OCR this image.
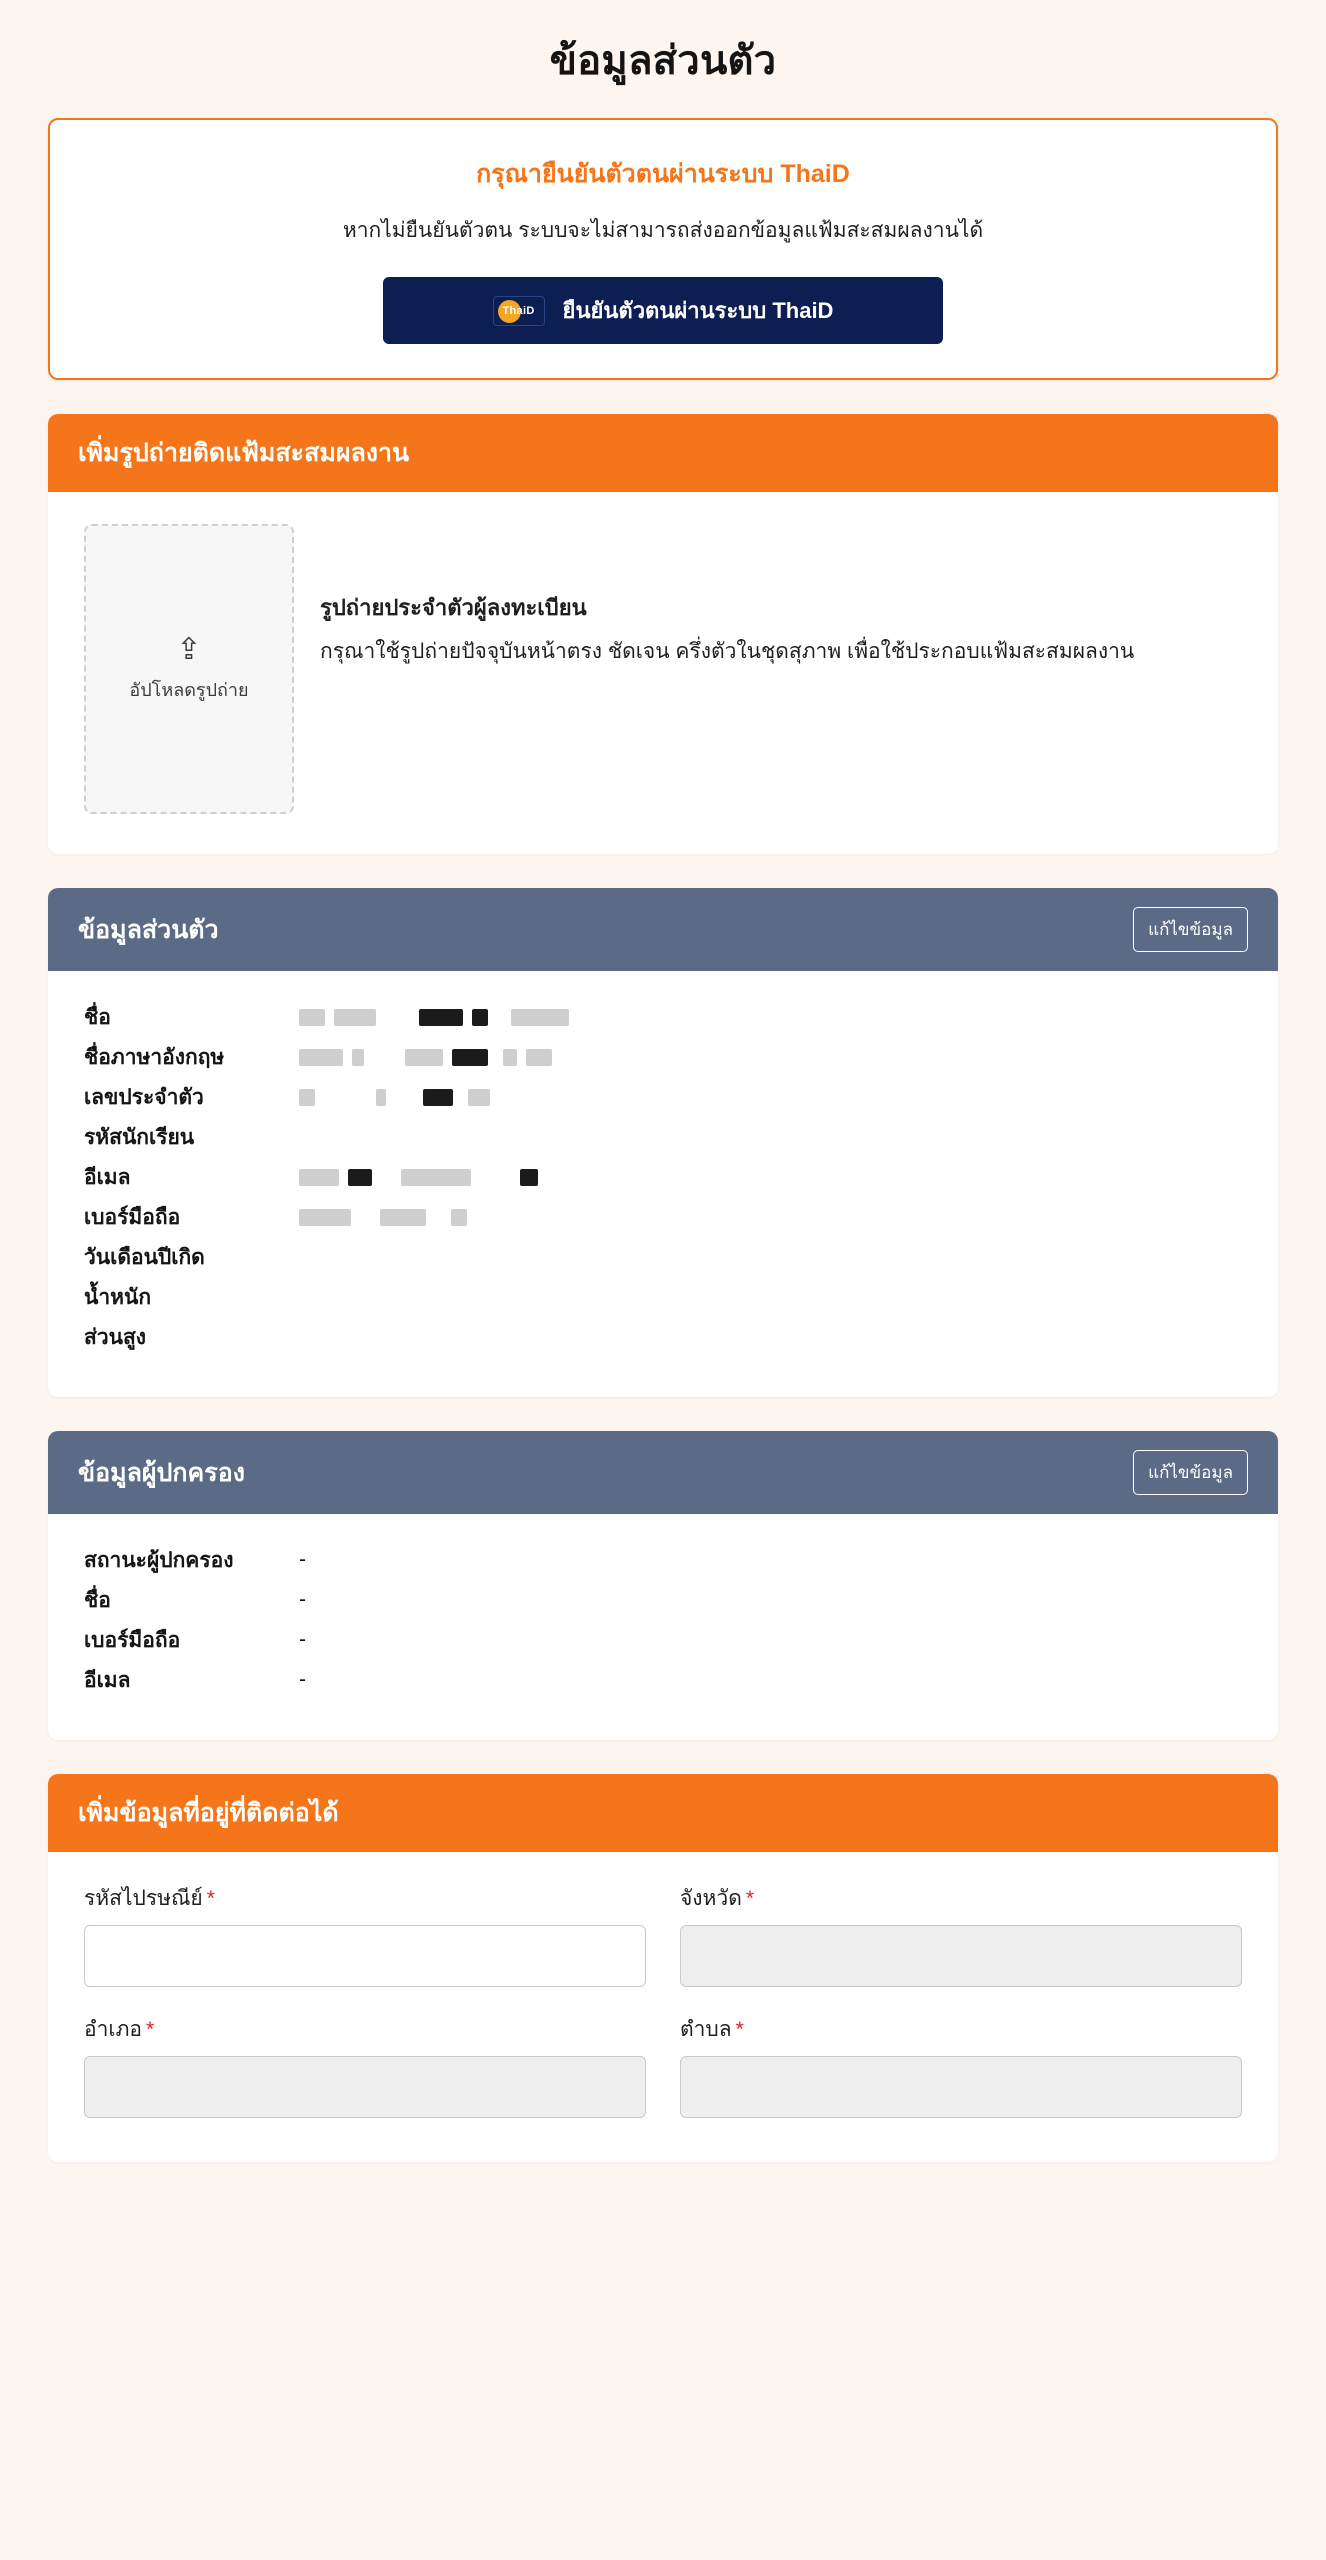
ข้อมูลส่วนตัว
กรุณายืนยันตัวตนผ่านระบบ ThaiD
หากไม่ยืนยันตัวตน ระบบจะไม่สามารถส่งออกข้อมูลแฟ้มสะสมผลงานได้
ThaiD ยืนยันตัวตนผ่านระบบ ThaiD
เพิ่มรูปถ่ายติดแฟ้มสะสมผลงาน
⇪
อัปโหลดรูปถ่าย
รูปถ่ายประจำตัวผู้ลงทะเบียน
กรุณาใช้รูปถ่ายปัจจุบันหน้าตรง ชัดเจน ครึ่งตัวในชุดสุภาพ เพื่อใช้ประกอบแฟ้มสะสมผลงาน
ข้อมูลส่วนตัว	แก้ไขข้อมูล
ชื่อ

ชื่อภาษาอังกฤษ

เลขประจำตัว

รหัสนักเรียน
อีเมล

เบอร์มือถือ

วันเดือนปีเกิด
น้ำหนัก
ส่วนสูง
ข้อมูลผู้ปกครอง	แก้ไขข้อมูล
สถานะผู้ปกครอง	-
ชื่อ	-
เบอร์มือถือ	-
อีเมล	-
เพิ่มข้อมูลที่อยู่ที่ติดต่อได้
รหัสไปรษณีย์ *	จังหวัด *
อำเภอ *	ตำบล *
